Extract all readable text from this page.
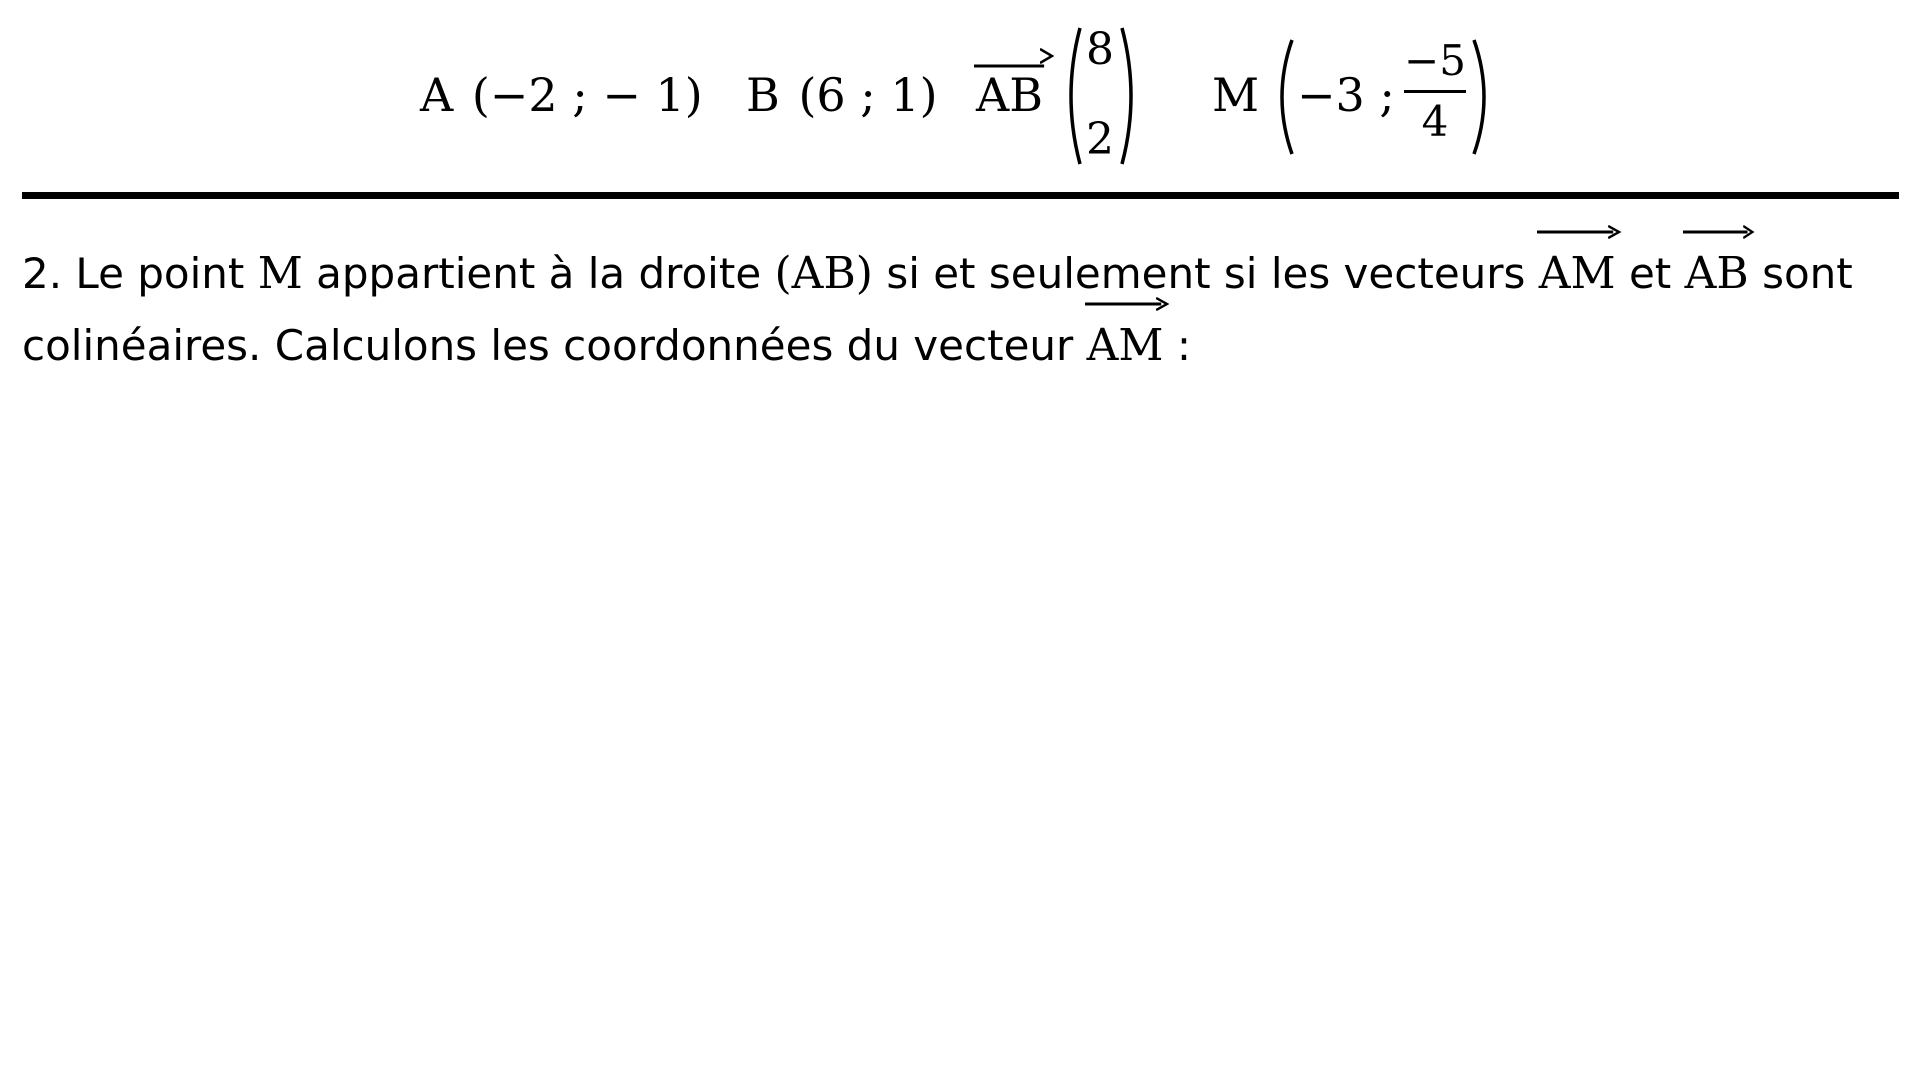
A (−2 ; − 1) B (6 ; 1) AB
8
2
M −3 ;
−5
4
2. Le point M appartient à la droite (AB) si et seulement si les vecteurs
AM et
AB sont
colinéaires. Calculons les coordonnées du vecteur
AM :
